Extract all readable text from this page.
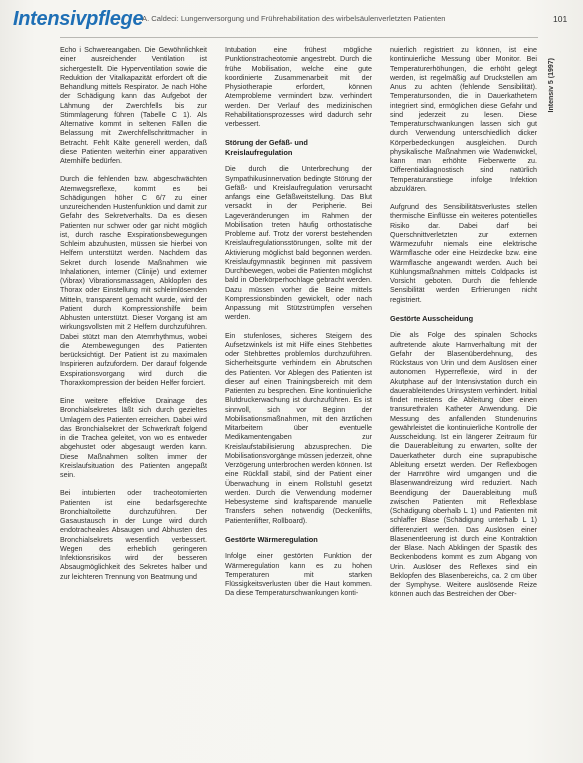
Intensivpflege
A. Caldeci: Lungenversorgung und Frührehabilitation des wirbelsäulenverletzten Patienten	101
Intensiv 5 (1997)

Echo i Schwereangaben. Die Gewöhnlichkeit einer ausreichender Ventilation ist sichergestellt. Die Hyperventilation sowie die Reduktion der Vitalkapazität erfordert oft die Behandlung mittels Respirator. Je nach Höhe der Schädigung kann das Aufgebot der Lähmung der Zwerchfells bis zur Stimmlagerung führen (Tabelle C 1). Als Alternative kommt in seltenen Fällen die Belassung mit Zwerchfellschrittmacher in Betracht. Fehlt Kälte generell werden, daß diese Patienten weiterhin einer apparativen Atemhilfe bedürfen.

Durch die fehlenden bzw. abgeschwächten Atemwegsreflexe, kommt es bei Schädigungen höher C 6/7 zu einer unzureichenden Hustenfunktion und damit zur Gefahr des Sekretverhalts. Da es diesen Patienten nur schwer oder gar nicht möglich ist, durch rasche Exspirationsbewegungen Schleim abzuhusten, müssen sie hierbei von Helfern unterstützt werden. Nachdem das Sekret durch losende Maßnahmen wie Inhalationen, interner (Clinije) und externer (Vibrax) Vibrationsmassagen, Abklopfen des Thorax oder Einstellung mit schleimlösenden Mitteln, transparent gemacht wurde, wird der Patient durch Kompressionshilfe beim Abhusten unterstützt. Dieser Vorgang ist am wirkungsvollsten mit 2 Helfern durchzuführen. Dabei stützt man den Atemrhythmus, wobei die Atembewegungen des Patienten berücksichtigt. Der Patient ist zu maximalen Inspirieren aufzufordern. Der darauf folgende Exspirationsvorgang wird durch die Thoraxkompression der beiden Helfer forciert.

Eine weitere effektive Drainage des Bronchialsekretes läßt sich durch gezieltes Umlagern des Patienten erreichen. Dabei wird das Bronchialsekret der Schwerkraft folgend in die Trachea geleitet, von wo es entweder abgehustet oder abgesaugt werden kann. Diese Maßnahmen sollten immer der Kreislaufsituation des Patienten angepaßt sein.

Bei intubierten oder tracheotomierten Patienten ist eine bedarfsgerechte Bronchialtoilette durchzuführen. Der Gasaustausch in der Lunge wird durch endotracheales Absaugen und Abhusten des Bronchialsekrets wesentlich verbessert. Wegen des erheblich geringeren Infektionsrisikos wird der besseren Absaugmöglichkeit des Sekretes halber und zur leichteren Trennung von Beatmung und

Intubation eine frühest mögliche Punktionstracheotomie angestrebt. Durch die frühe Mobilisation, welche eine gute koordinierte Zusammenarbeit mit der Physiotherapie erfordert, können Atemprobleme vermindert bzw. verhindert werden. Der Verlauf des medizinischen Rehabilitationsprozesses wird dadurch sehr verbessert.

Störung der Gefäß- und Kreislaufregulation

Die durch die Unterbrechung der Sympathikusinnervation bedingte Störung der Gefäß- und Kreislaufregulation verursacht anfangs eine Gefäßweitstellung. Das Blut versackt in der Peripherie. Bei Lageveränderungen im Rahmen der Mobilisation treten häufig orthostatische Probleme auf. Trotz der vorerst bestehenden Kreislaufregulationsstörungen, sollte mit der Aktivierung möglichst bald begonnen werden. Kreislaufgymnastik beginnen mit passivem Durchbewegen, wobei die Patienten möglichst bald in Oberkörperhochlage gebracht werden. Dazu müssen vorher die Beine mittels Kompressionsbinden gewickelt, oder nach Anpassung mit Stützstrümpfen versehen werden.

Ein stufenloses, sicheres Steigern des Aufsetzwinkels ist mit Hilfe eines Stehbettes oder Stehbrettes problemlos durchzuführen. Sicherheitsgurte verhindern ein Abrutschen des Patienten. Vor Ablegen des Patienten ist dieser auf einen Trainingsbereich mit dem Patienten zu besprechen. Eine kontinuierliche Blutdruckerwachung ist durchzuführen. Es ist sinnvoll, sich vor Beginn der Mobilisationsmaßnahmen, mit den ärztlichen Mitarbeitern über eventuelle Medikamentengaben zur Kreislaufstabilisierung abzusprechen. Die Mobilisationsvorgänge müssen jederzeit, ohne Verzögerung unterbrochen werden können. Ist eine Rückfall stabil, sind der Patient einer Überwachung in einem Rollstuhl gesetzt werden. Durch die Verwendung moderner Hebesysteme sind kraftsparende manuelle Transfers sehen notwendig (Deckenlifts, Patientenlifter, Rollboard).

Gestörte Wärmeregulation

Infolge einer gestörten Funktion der Wärmeregulation kann es zu hohen Temperaturen mit starken Flüssigkeitsverlusten über die Haut kommen. Da diese Temperaturschwankungen konti-

nuierlich registriert zu können, ist eine kontinuierliche Messung über Monitor. Bei Temperaturerhöhungen, die erhöht gelegt werden, ist regelmäßig auf Druckstellen am Anus zu achten (fehlende Sensibilität). Temperatursonden, die in Dauerkathetern integriert sind, ermöglichen diese Gefahr und sind jederzeit zu lesen. Diese Temperaturschwankungen lassen sich gut durch Verwendung unterschiedlich dicker Körperbedeckungen ausgleichen. Durch physikalische Maßnahmen wie Wadenwickel, kann man erhöhte Fieberwerte zu. Differentialdiagnostisch sind natürlich Temperaturanstiege infolge Infektion abzuklären.

Aufgrund des Sensibilitätsverlustes stellen thermische Einflüsse ein weiteres potentielles Risiko dar. Dabei darf bei Querschnittverletzten zur externen Wärmezufuhr niemals eine elektrische Wärmflasche oder eine Heizdecke bzw. eine Wärmflasche angewandt werden. Auch bei Kühlungsmaßnahmen mittels Coldpacks ist Vorsicht geboten. Durch die fehlende Sensibilität werden Erfrierungen nicht registriert.

Gestörte Ausscheidung

Die als Folge des spinalen Schocks auftretende akute Harnverhaltung mit der Gefahr der Blasenüberdehnung, des Rückstaus von Urin und dem Auslösen einer autonomen Hyperreflexie, wird in der Akutphase auf der Intensivstation durch ein dauerableitendes Urinsystem verhindert. Initial findet meistens die Ableitung über einen transurethralen Katheter Anwendung. Die Messung des anfallenden Stundenurins gewährleistet die kontinuierliche Kontrolle der Ausscheidung. Ist ein längerer Zeitraum für die Dauerableitung zu erwarten, sollte der Dauerkatheter durch eine suprapubische Ableitung ersetzt werden. Der Reflexbogen der Harnröhre wird umgangen und die Blasenwandreizung wird reduziert. Nach Beendigung der Dauerableitung muß zwischen Patienten mit Reflexblase (Schädigung oberhalb L 1) und Patienten mit schlaffer Blase (Schädigung unterhalb L 1) differenziert werden. Das Auslösen einer Blasenentleerung ist durch eine Kontraktion der Blase. Nach Abklingen der Spastik des Beckenbodens kommt es zum Abgang von Urin. Auslöser des Reflexes sind ein Beklopfen des Blasenbereichs, ca. 2 cm über der Symphyse. Weitere auslösende Reize können auch das Bestreichen der Ober-
